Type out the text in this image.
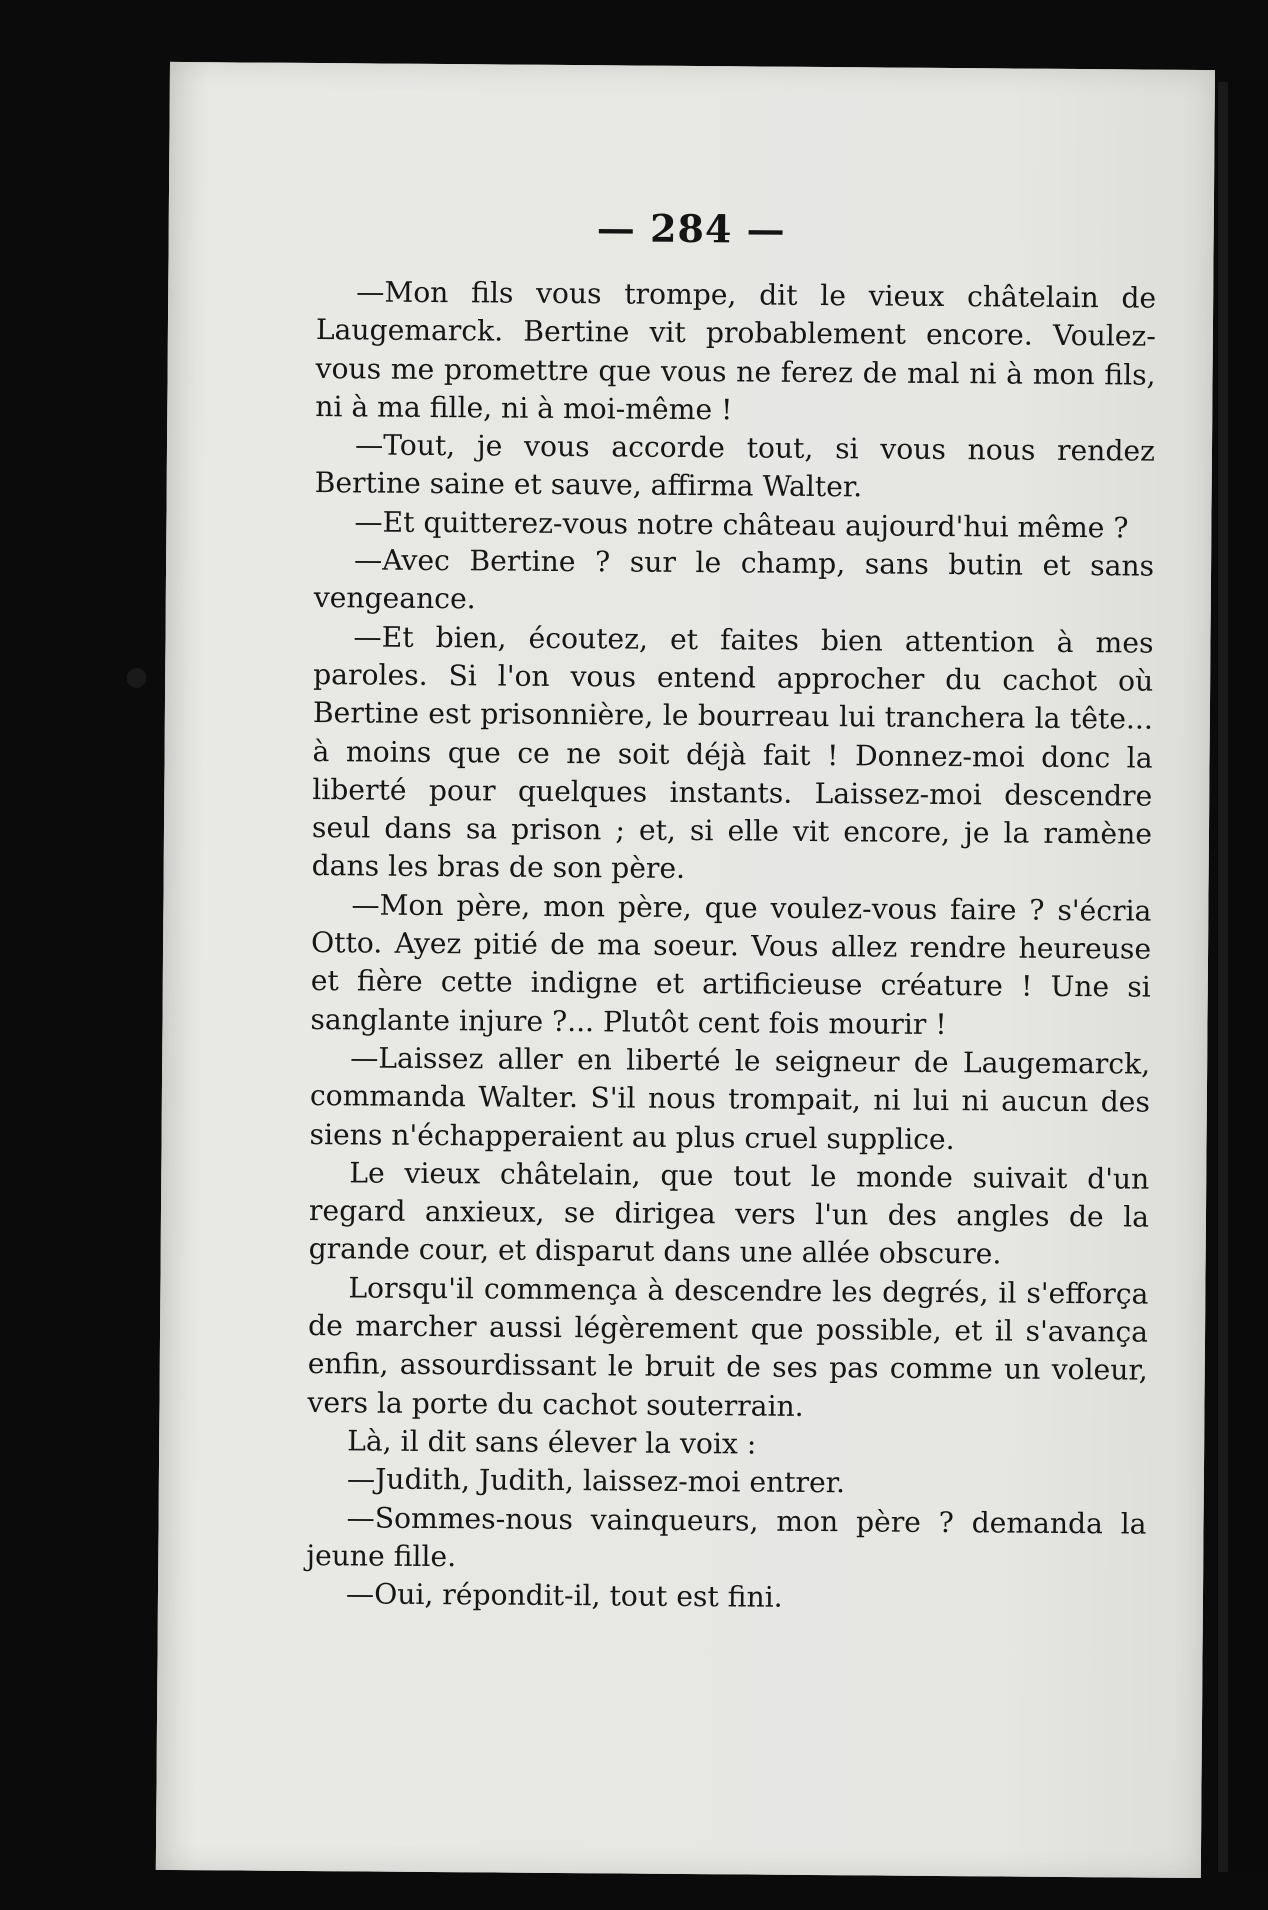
— 284 —

—Mon fils vous trompe, dit le vieux châtelain de Laugemarck. Bertine vit probablement encore. Voulez-vous me promettre que vous ne ferez de mal ni à mon fils, ni à ma fille, ni à moi-même !

—Tout, je vous accorde tout, si vous nous rendez Bertine saine et sauve, affirma Walter.

—Et quitterez-vous notre château aujourd'hui même ?

—Avec Bertine ? sur le champ, sans butin et sans vengeance.

—Et bien, écoutez, et faites bien attention à mes paroles. Si l'on vous entend approcher du cachot où Bertine est prisonnière, le bourreau lui tranchera la tête... à moins que ce ne soit déjà fait ! Donnez-moi donc la liberté pour quelques instants. Laissez-moi descendre seul dans sa prison ; et, si elle vit encore, je la ramène dans les bras de son père.

—Mon père, mon père, que voulez-vous faire ? s'écria Otto. Ayez pitié de ma soeur. Vous allez rendre heureuse et fière cette indigne et artificieuse créature ! Une si sanglante injure ?... Plutôt cent fois mourir !

—Laissez aller en liberté le seigneur de Laugemarck, commanda Walter. S'il nous trompait, ni lui ni aucun des siens n'échapperaient au plus cruel supplice.

Le vieux châtelain, que tout le monde suivait d'un regard anxieux, se dirigea vers l'un des angles de la grande cour, et disparut dans une allée obscure.

Lorsqu'il commença à descendre les degrés, il s'efforça de marcher aussi légèrement que possible, et il s'avança enfin, assourdissant le bruit de ses pas comme un voleur, vers la porte du cachot souterrain.

Là, il dit sans élever la voix :

—Judith, Judith, laissez-moi entrer.

—Sommes-nous vainqueurs, mon père ? demanda la jeune fille.

—Oui, répondit-il, tout est fini.

●
